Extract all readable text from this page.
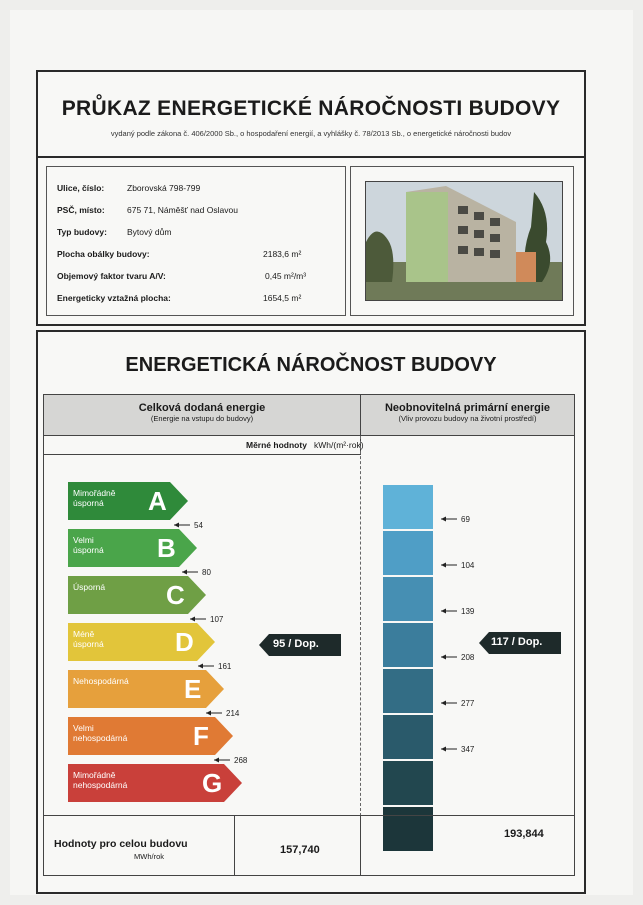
PRŮKAZ ENERGETICKÉ NÁROČNOSTI BUDOVY
vydaný podle zákona č. 406/2000 Sb., o hospodaření energií, a vyhlášky č. 78/2013 Sb., o energetické náročnosti budov
Ulice, číslo:	Zborovská 798-799
PSČ, místo:	675 71, Náměšť nad Oslavou
Typ budovy: Bytový dům
Plocha obálky budovy:	2183,6 m²
Objemový faktor tvaru A/V:	0,45 m²/m³
Energeticky vztažná plocha:	1654,5 m²
ENERGETICKÁ NÁROČNOST BUDOVY
Celková dodaná energie
(Energie na vstupu do budovy)
Neobnovitelná primární energie
(Vliv provozu budovy na životní prostředí)
Měrné hodnoty kWh/(m²·rok)
Mimořádně
úsporná A
Velmi
úsporná B
Úsporná C
Méně
úsporná	D
Nehospodárná E
Velmi
nehospodárná	F
Mimořádně
nehospodárná	G
54
80
107
161
214
268
95 / Dop.
69
104
139
208
277
347
117 / Dop.
Hodnoty pro celou budovu
MWh/rok
157,740
193,844
